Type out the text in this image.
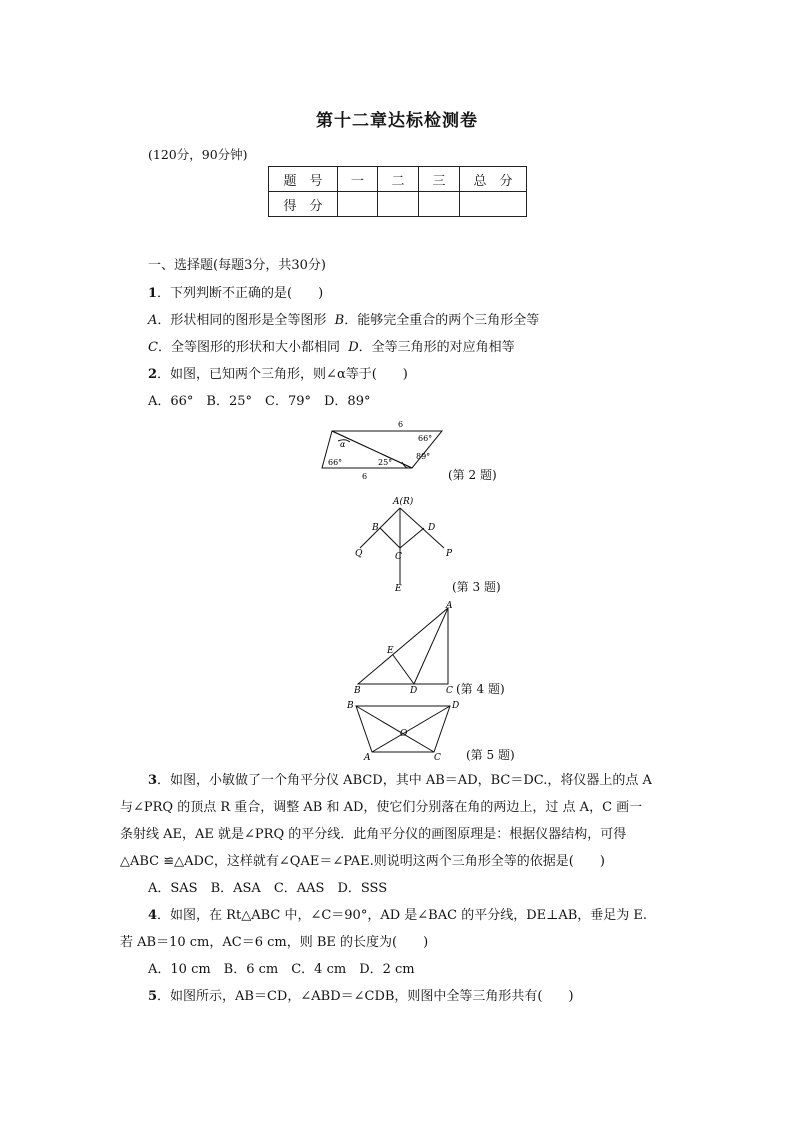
第十二章达标检测卷
(120分，90分钟)
题　号	一	二	三	总　分
得　分				
一、选择题(每题3分，共30分)
1．下列判断不正确的是(　　)
A．形状相同的图形是全等图形 B．能够完全重合的两个三角形全等
C．全等图形的形状和大小都相同 D．全等三角形的对应角相等
2．如图，已知两个三角形，则∠α等于(　　)
A．66°　B．25°　C．79°　D．89°
6
66°
89°
α
66°	25°
6	(第 2 题)
A(R)
B	D
C
Q	P
E	(第 3 题)
A
E
B	D	C (第 4 题)
B	D
O
A	C (第 5 题)
3．如图，小敏做了一个角平分仪 ABCD，其中 AB＝AD，BC＝DC.，将仪器上的点 A
与∠PRQ 的顶点 R 重合，调整 AB 和 AD，使它们分别落在角的两边上，过 点 A，C 画一
条射线 AE，AE 就是∠PRQ 的平分线．此角平分仪的画图原理是：根据仪器结构，可得
△ABC ≌△ADC，这样就有∠QAE＝∠PAE.则说明这两个三角形全等的依据是(　　)
A．SAS　B．ASA　C．AAS　D．SSS
4．如图，在 Rt△ABC 中，∠C＝90°，AD 是∠BAC 的平分线，DE⊥AB，垂足为 E.
若 AB＝10 cm，AC＝6 cm，则 BE 的长度为(　　)
A．10 cm　B．6 cm　C．4 cm　D．2 cm
5．如图所示，AB＝CD，∠ABD＝∠CDB，则图中全等三角形共有(　　)
